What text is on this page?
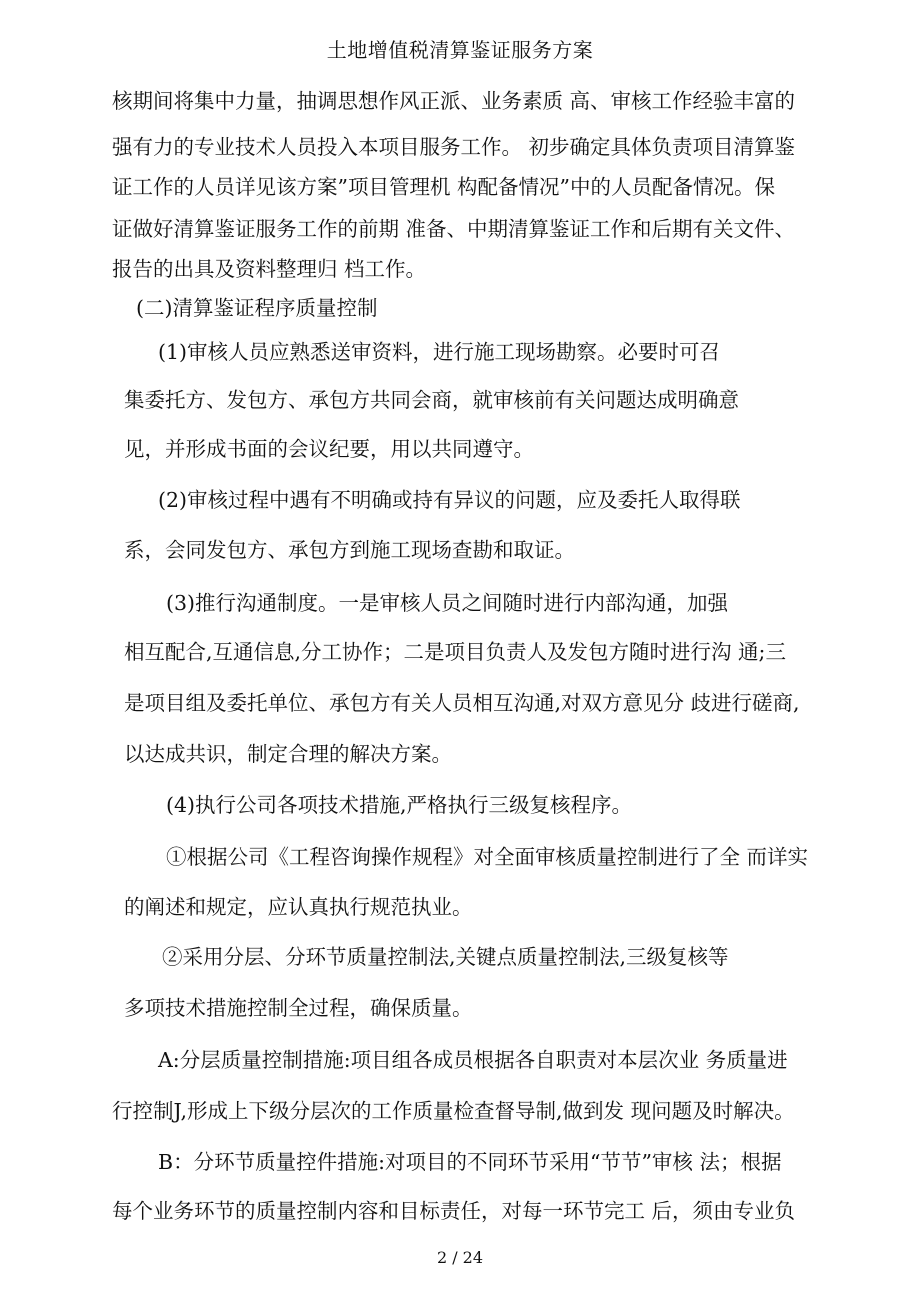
土地增值税清算鉴证服务方案
核期间将集中力量，抽调思想作风正派、业务素质 高、审核工作经验丰富的
强有力的专业技术人员投入本项目服务工作。 初步确定具体负责项目清算鉴
证工作的人员详见该方案”项目管理机 构配备情况”中的人员配备情况。保
证做好清算鉴证服务工作的前期 准备、中期清算鉴证工作和后期有关文件、
报告的出具及资料整理归 档工作。
(二)清算鉴证程序质量控制
(1)审核人员应熟悉送审资料，进行施工现场勘察。必要时可召
集委托方、发包方、承包方共同会商，就审核前有关问题达成明确意
见，并形成书面的会议纪要，用以共同遵守。
(2)审核过程中遇有不明确或持有异议的问题，应及委托人取得联
系，会同发包方、承包方到施工现场查勘和取证。
(3)推行沟通制度。一是审核人员之间随时进行内部沟通，加强
相互配合,互通信息,分工协作；二是项目负责人及发包方随时进行沟 通;三
是项目组及委托单位、承包方有关人员相互沟通,对双方意见分 歧进行磋商,
以达成共识，制定合理的解决方案。
(4)执行公司各项技术措施,严格执行三级复核程序。
①根据公司《工程咨询操作规程》对全面审核质量控制进行了全 而详实
的阐述和规定，应认真执行规范执业。
②采用分层、分环节质量控制法,关键点质量控制法,三级复核等
多项技术措施控制全过程，确保质量。
A:分层质量控制措施:项目组各成员根据各自职责对本层次业 务质量进
行控制J,形成上下级分层次的工作质量检查督导制,做到发 现问题及时解决。
B：分环节质量控件措施:对项目的不同环节采用“节节”审核 法；根据
每个业务环节的质量控制内容和目标责任，对每一环节完工 后，须由专业负
2 / 24
